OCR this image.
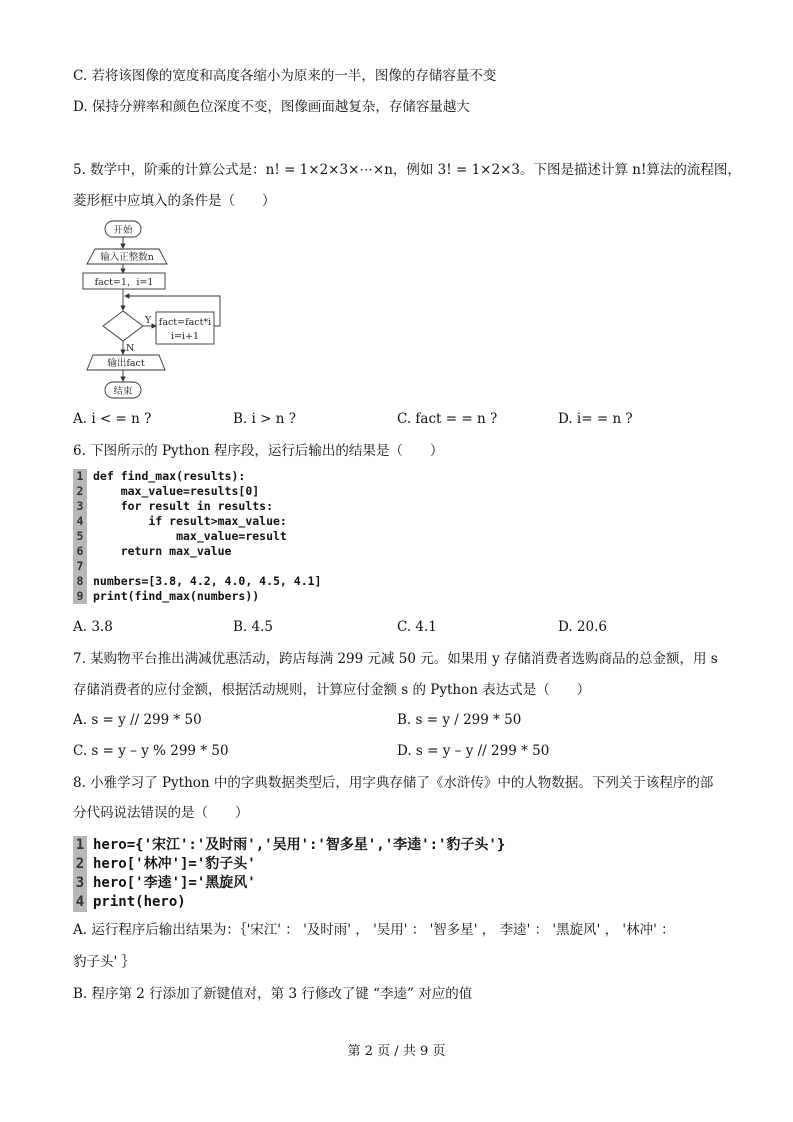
C. 若将该图像的宽度和高度各缩小为原来的一半，图像的存储容量不变
D. 保持分辨率和颜色位深度不变，图像画面越复杂，存储容量越大
5. 数学中，阶乘的计算公式是：n! = 1×2×3×⋯×n，例如 3! = 1×2×3。下图是描述计算 n!算法的流程图，
菱形框中应填入的条件是（　　）
开始
输入正整数n
fact=1，i=1
Y
N
fact=fact*i
i=i+1
输出fact
结束
A. i < = n ?	B. i > n ?	C. fact = = n ?	D. i= = n ?
6. 下图所示的 Python 程序段，运行后输出的结果是（　　）
1 def find_max(results):
2 max_value=results[0]
3 for result in results:
4 if result>max_value:
5 max_value=result
6 return max_value
7
8 numbers=[3.8, 4.2, 4.0, 4.5, 4.1]
9 print(find_max(numbers))
A. 3.8	B. 4.5	C. 4.1	D. 20.6
7. 某购物平台推出满减优惠活动，跨店每满 299 元减 50 元。如果用 y 存储消费者选购商品的总金额，用 s
存储消费者的应付金额，根据活动规则，计算应付金额 s 的 Python 表达式是（　　）
A. s = y // 299 * 50	B. s = y / 299 * 50
C. s = y – y % 299 * 50	D. s = y – y // 299 * 50
8. 小雅学习了 Python 中的字典数据类型后，用字典存储了《水浒传》中的人物数据。下列关于该程序的部
分代码说法错误的是（　　）
1 hero={'宋江':'及时雨','吴用':'智多星','李逵':'豹子头'}
2 hero['林冲']='豹子头'
3 hero['李逵']='黑旋风'
4 print(hero)
A. 运行程序后输出结果为：｛'宋江' ： '及时雨' ， '吴用' ： '智多星' ， 李逵' ： '黑旋风' ， '林冲' ：
豹子头' ｝
B. 程序第 2 行添加了新键值对，第 3 行修改了键 “李逵” 对应的值
第 2 页 / 共 9 页
